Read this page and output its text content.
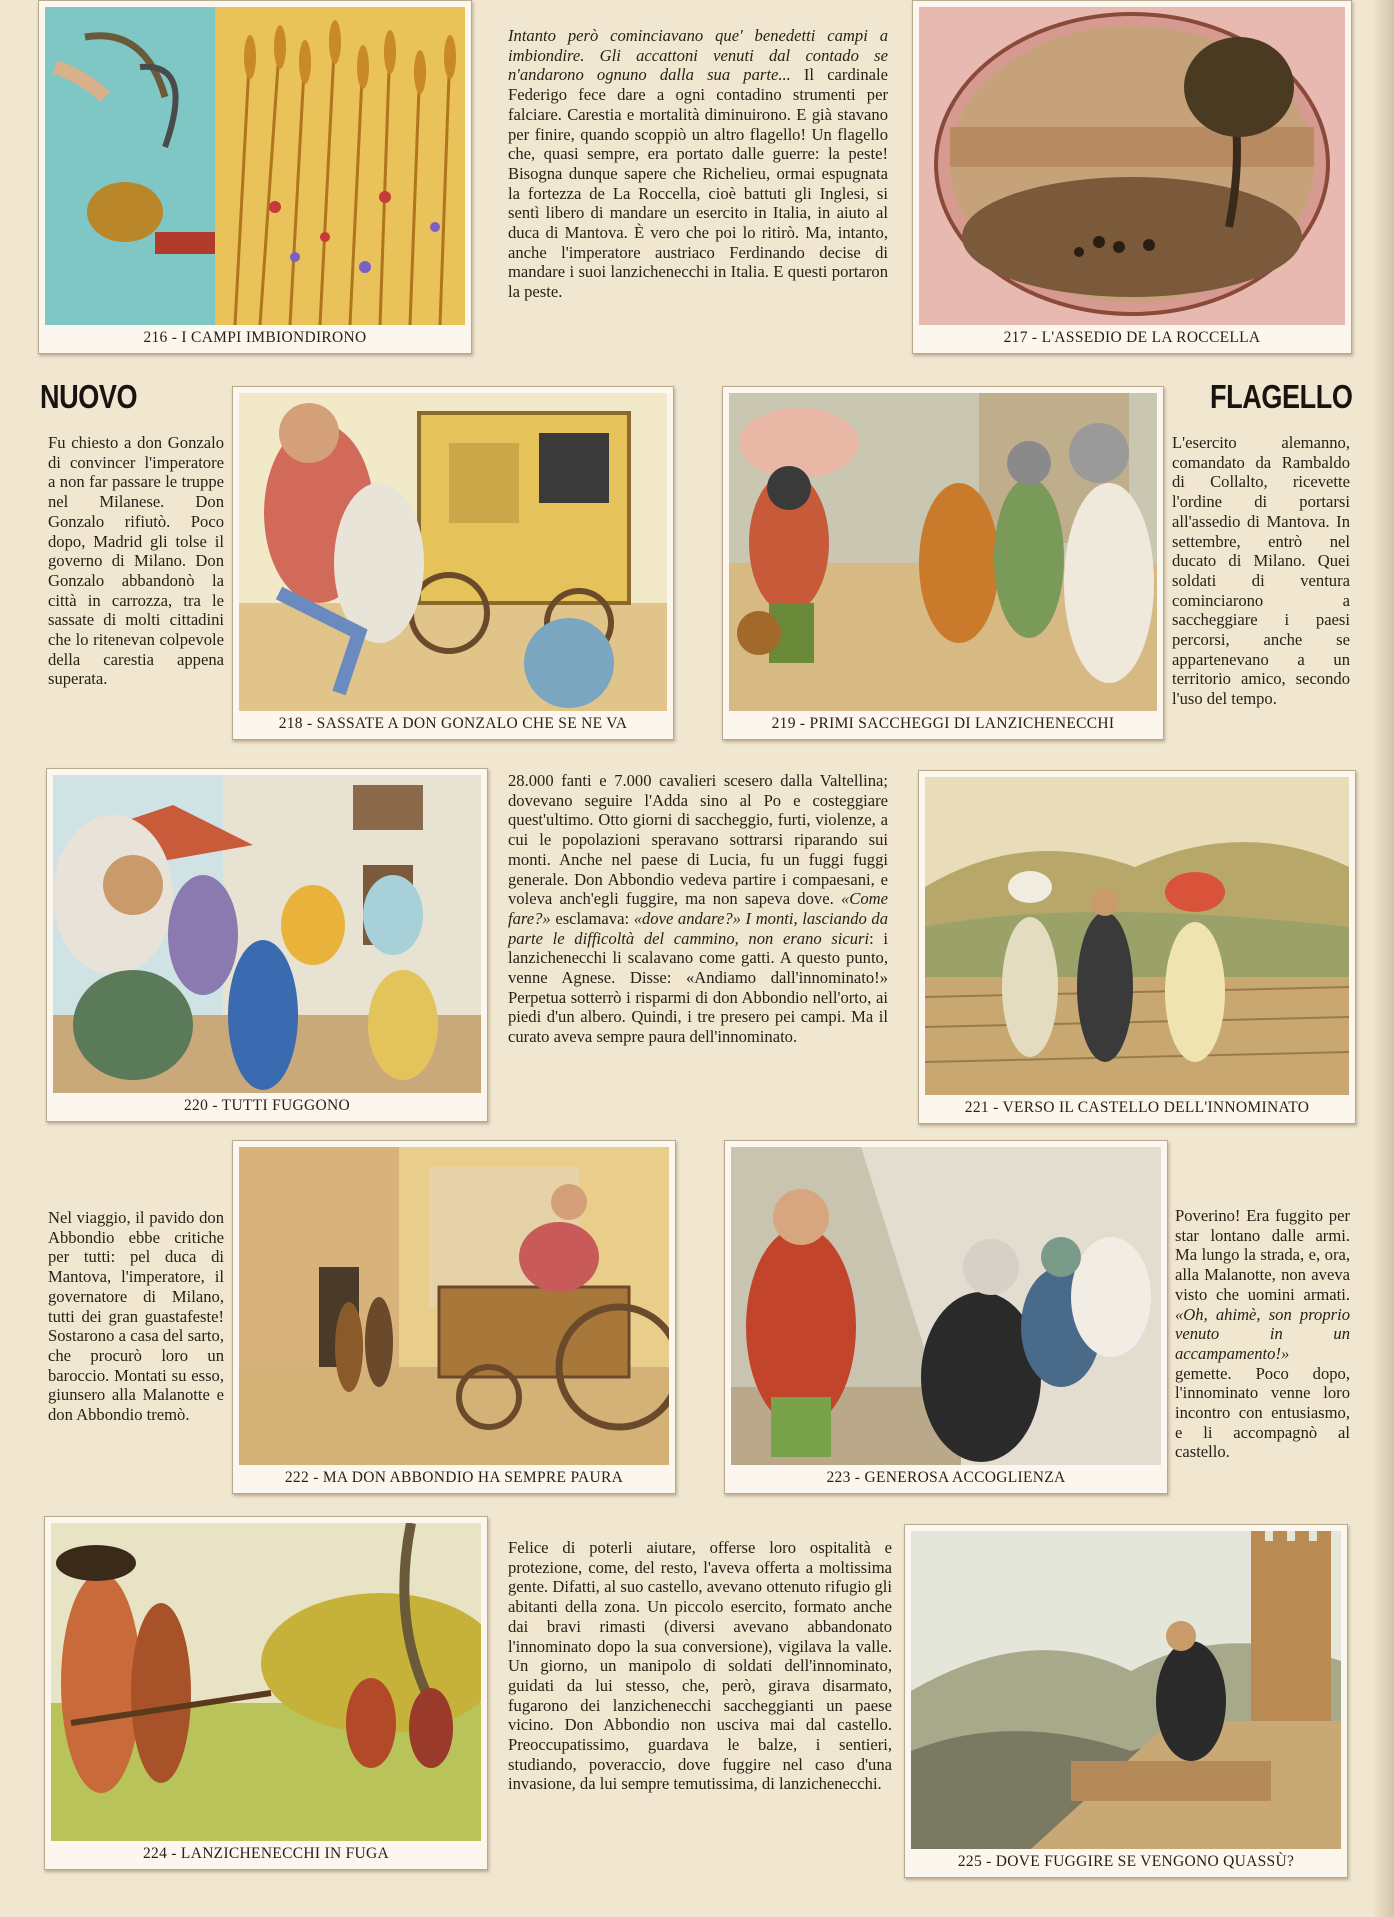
216 - I CAMPI IMBIONDIRONO

Intanto però cominciavano que' benedetti campi a imbiondire. Gli accattoni venuti dal contado se n'andarono ognuno dalla sua parte... Il cardinale Federigo fece dare a ogni contadino strumenti per falciare. Carestia e mortalità diminuirono. E già stavano per finire, quando scoppiò un altro flagello! Un flagello che, quasi sempre, era portato dalle guerre: la peste! Bisogna dunque sapere che Richelieu, ormai espugnata la fortezza de La Roccella, cioè battuti gli Inglesi, si sentì libero di mandare un esercito in Italia, in aiuto al duca di Mantova. È vero che poi lo ritirò. Ma, intanto, anche l'imperatore austriaco Ferdinando decise di mandare i suoi lanzichenecchi in Italia. E questi portaron la peste.

217 - L'ASSEDIO DE LA ROCCELLA
NUOVO	FLAGELLO

Fu chiesto a don Gonzalo di convincer l'imperatore a non far passare le truppe nel Milanese. Don Gonzalo rifiutò. Poco dopo, Madrid gli tolse il governo di Milano. Don Gonzalo abbandonò la città in carrozza, tra le sassate di molti cittadini che lo ritenevan colpevole della carestia appena superata.

218 - SASSATE A DON GONZALO CHE SE NE VA	219 - PRIMI SACCHEGGI DI LANZICHENECCHI

L'esercito alemanno, comandato da Rambaldo di Collalto, ricevette l'ordine di portarsi all'assedio di Mantova. In settembre, entrò nel ducato di Milano. Quei soldati di ventura cominciarono a saccheggiare i paesi percorsi, anche se appartenevano a un territorio amico, secondo l'uso del tempo.

220 - TUTTI FUGGONO

28.000 fanti e 7.000 cavalieri scesero dalla Valtellina; dovevano seguire l'Adda sino al Po e costeggiare quest'ultimo. Otto giorni di saccheggio, furti, violenze, a cui le popolazioni speravano sottrarsi riparando sui monti. Anche nel paese di Lucia, fu un fuggi fuggi generale. Don Abbondio vedeva partire i compaesani, e voleva anch'egli fuggire, ma non sapeva dove. «Come fare?» esclamava: «dove andare?» I monti, lasciando da parte le difficoltà del cammino, non erano sicuri: i lanzichenecchi li scalavano come gatti. A questo punto, venne Agnese. Disse: «Andiamo dall'innominato!» Perpetua sotterrò i risparmi di don Abbondio nell'orto, ai piedi d'un albero. Quindi, i tre presero pei campi. Ma il curato aveva sempre paura dell'innominato.

221 - VERSO IL CASTELLO DELL'INNOMINATO

Nel viaggio, il pavido don Abbondio ebbe critiche per tutti: pel duca di Mantova, l'imperatore, il governatore di Milano, tutti dei gran guastafeste! Sostarono a casa del sarto, che procurò loro un baroccio. Montati su esso, giunsero alla Malanotte e don Abbondio tremò.

222 - MA DON ABBONDIO HA SEMPRE PAURA	223 - GENEROSA ACCOGLIENZA

Poverino! Era fuggito per star lontano dalle armi. Ma lungo la strada, e, ora, alla Malanotte, non aveva visto che uomini armati. «Oh, ahimè, son proprio venuto in un accampamento!» gemette. Poco dopo, l'innominato venne loro incontro con entusiasmo, e li accompagnò al castello.

224 - LANZICHENECCHI IN FUGA

Felice di poterli aiutare, offerse loro ospitalità e protezione, come, del resto, l'aveva offerta a moltissima gente. Difatti, al suo castello, avevano ottenuto rifugio gli abitanti della zona. Un piccolo esercito, formato anche dai bravi rimasti (diversi avevano abbandonato l'innominato dopo la sua conversione), vigilava la valle. Un giorno, un manipolo di soldati dell'innominato, guidati da lui stesso, che, però, girava disarmato, fugarono dei lanzichenecchi saccheggianti un paese vicino. Don Abbondio non usciva mai dal castello. Preoccupatissimo, guardava le balze, i sentieri, studiando, poveraccio, dove fuggire nel caso d'una invasione, da lui sempre temutissima, di lanzichenecchi.

225 - DOVE FUGGIRE SE VENGONO QUASSÙ?
